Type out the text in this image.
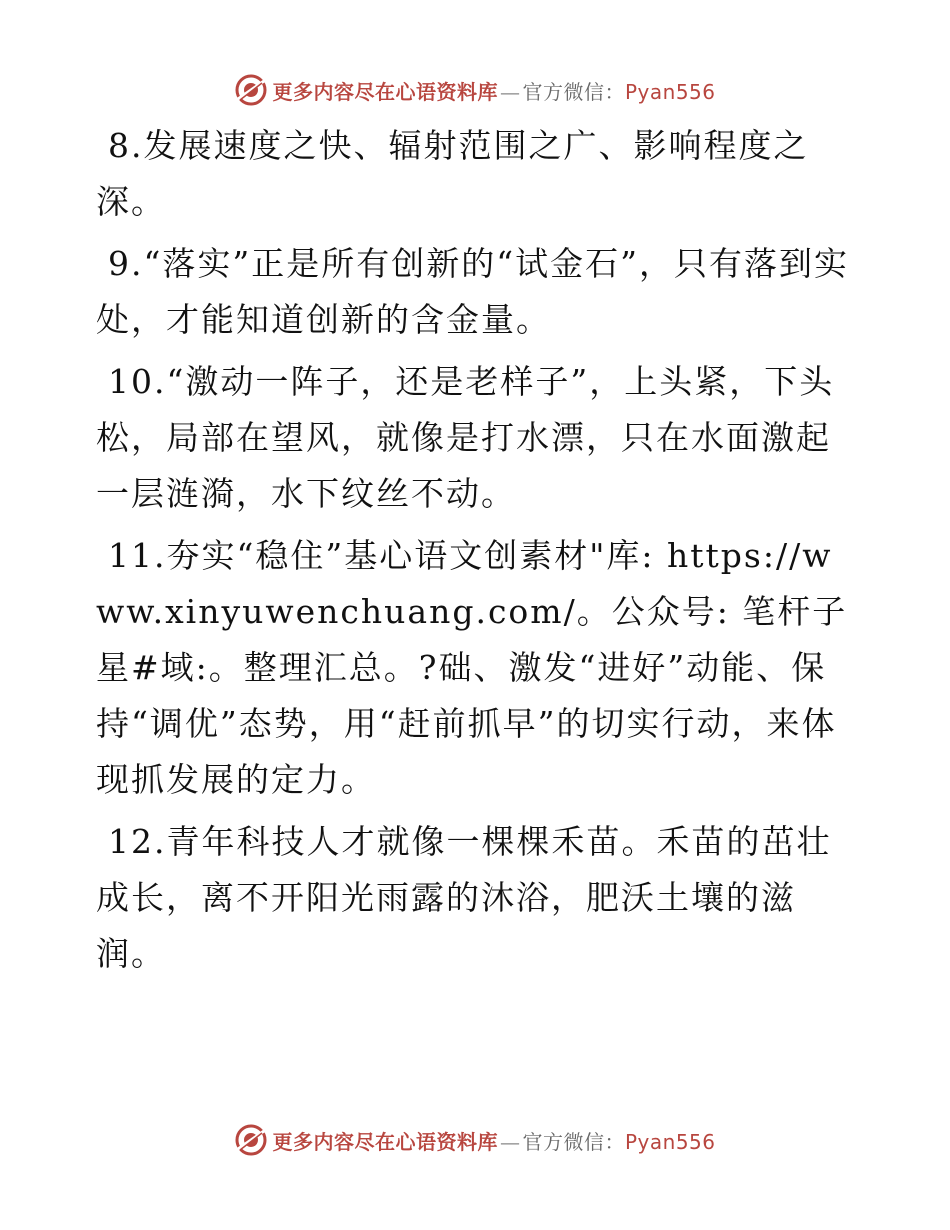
更多内容尽在心语资料库 — 官方微信： Pyan556

8.发展速度之快、辐射范围之广、影响程度之深。

9.“落实”正是所有创新的“试金石”，只有落到实处，才能知道创新的含金量。

10.“激动一阵子，还是老样子”，上头紧，下头松，局部在望风，就像是打水漂，只在水面激起一层涟漪，水下纹丝不动。

11.夯实“稳住”基心语文创素材"库: https://www.xinyuwenchuang.com/。公众号: 笔杆子星#域:。整理汇总。?础、激发“进好”动能、保持“调优”态势，用“赶前抓早”的切实行动，来体现抓发展的定力。

12.青年科技人才就像一棵棵禾苗。禾苗的茁壮成长，离不开阳光雨露的沐浴，肥沃土壤的滋润。

更多内容尽在心语资料库 — 官方微信： Pyan556
